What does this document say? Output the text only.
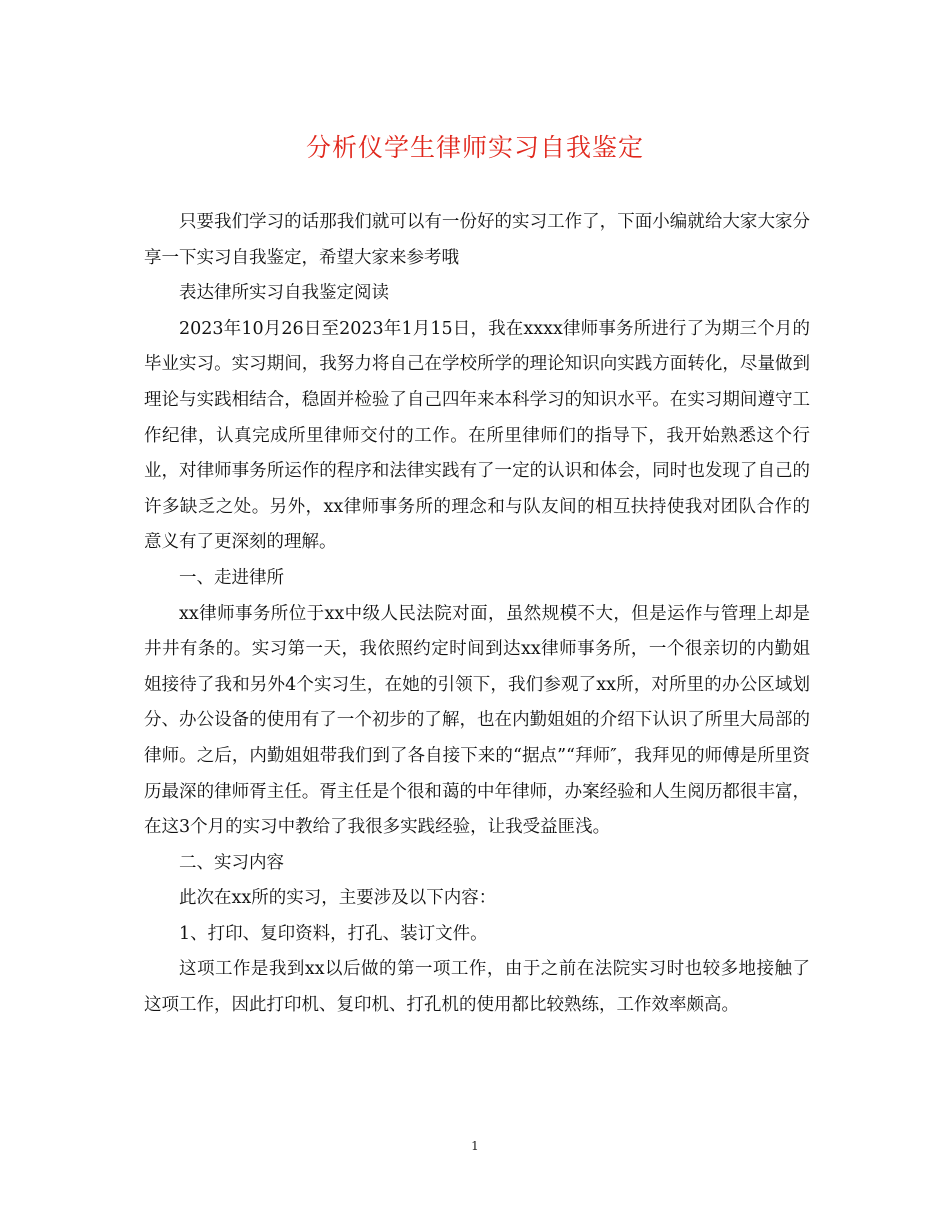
分析仪学生律师实习自我鉴定

只要我们学习的话那我们就可以有一份好的实习工作了，下面小编就给大家大家分享一下实习自我鉴定，希望大家来参考哦

表达律所实习自我鉴定阅读

2023年10月26日至2023年1月15日，我在xxxx律师事务所进行了为期三个月的毕业实习。实习期间，我努力将自己在学校所学的理论知识向实践方面转化，尽量做到理论与实践相结合，稳固并检验了自己四年来本科学习的知识水平。在实习期间遵守工作纪律，认真完成所里律师交付的工作。在所里律师们的指导下，我开始熟悉这个行业，对律师事务所运作的程序和法律实践有了一定的认识和体会，同时也发现了自己的许多缺乏之处。另外，xx律师事务所的理念和与队友间的相互扶持使我对团队合作的意义有了更深刻的理解。

一、走进律所

xx律师事务所位于xx中级人民法院对面，虽然规模不大，但是运作与管理上却是井井有条的。实习第一天，我依照约定时间到达xx律师事务所，一个很亲切的内勤姐姐接待了我和另外4个实习生，在她的引领下，我们参观了xx所，对所里的办公区域划分、办公设备的使用有了一个初步的了解，也在内勤姐姐的介绍下认识了所里大局部的律师。之后，内勤姐姐带我们到了各自接下来的“据点”“拜师″，我拜见的师傅是所里资历最深的律师胥主任。胥主任是个很和蔼的中年律师，办案经验和人生阅历都很丰富，在这3个月的实习中教给了我很多实践经验，让我受益匪浅。

二、实习内容

此次在xx所的实习，主要涉及以下内容：

1、打印、复印资料，打孔、装订文件。

这项工作是我到xx以后做的第一项工作，由于之前在法院实习时也较多地接触了这项工作，因此打印机、复印机、打孔机的使用都比较熟练，工作效率颇高。

1
